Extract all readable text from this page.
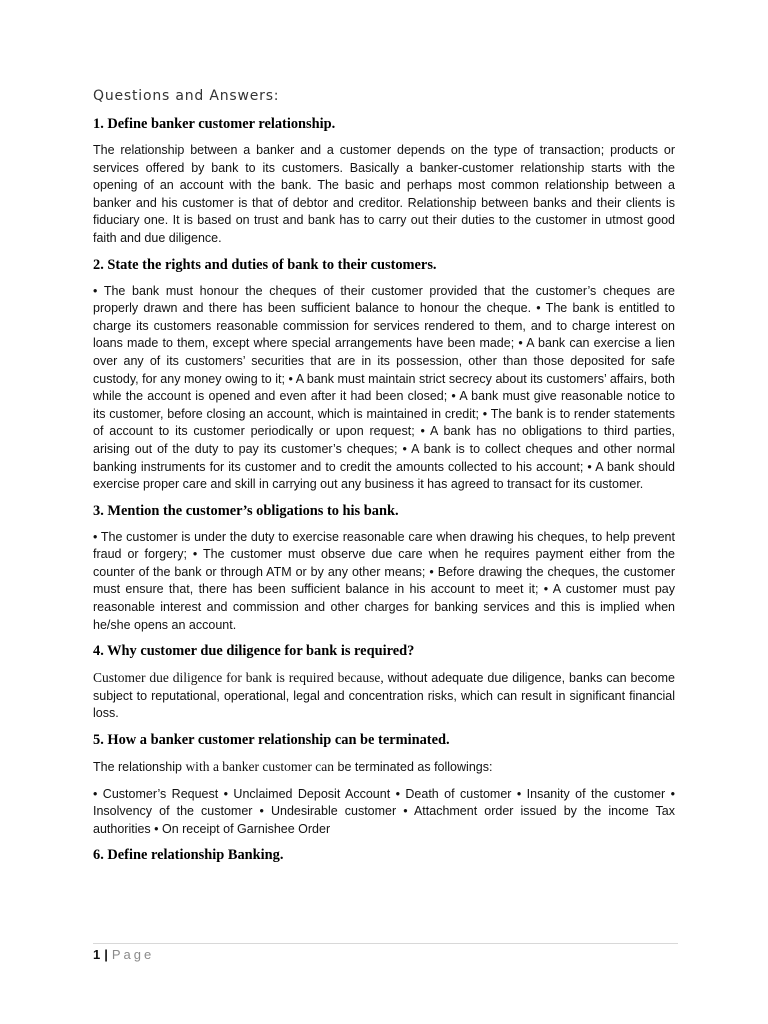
Questions and Answers:
1. Define banker customer relationship.

The relationship between a banker and a customer depends on the type of transaction; products or services offered by bank to its customers. Basically a banker-customer relationship starts with the opening of an account with the bank. The basic and perhaps most common relationship between a banker and his customer is that of debtor and creditor. Relationship between banks and their clients is fiduciary one. It is based on trust and bank has to carry out their duties to the customer in utmost good faith and due diligence.

2. State the rights and duties of bank to their customers.

• The bank must honour the cheques of their customer provided that the customer’s cheques are properly drawn and there has been sufficient balance to honour the cheque. • The bank is entitled to charge its customers reasonable commission for services rendered to them, and to charge interest on loans made to them, except where special arrangements have been made; • A bank can exercise a lien over any of its customers’ securities that are in its possession, other than those deposited for safe custody, for any money owing to it; • A bank must maintain strict secrecy about its customers’ affairs, both while the account is opened and even after it had been closed; • A bank must give reasonable notice to its customer, before closing an account, which is maintained in credit; • The bank is to render statements of account to its customer periodically or upon request; • A bank has no obligations to third parties, arising out of the duty to pay its customer’s cheques; • A bank is to collect cheques and other normal banking instruments for its customer and to credit the amounts collected to his account; • A bank should exercise proper care and skill in carrying out any business it has agreed to transact for its customer.

3. Mention the customer’s obligations to his bank.

• The customer is under the duty to exercise reasonable care when drawing his cheques, to help prevent fraud or forgery; • The customer must observe due care when he requires payment either from the counter of the bank or through ATM or by any other means; • Before drawing the cheques, the customer must ensure that, there has been sufficient balance in his account to meet it; • A customer must pay reasonable interest and commission and other charges for banking services and this is implied when he/she opens an account.

4. Why customer due diligence for bank is required?

Customer due diligence for bank is required because, without adequate due diligence, banks can become subject to reputational, operational, legal and concentration risks, which can result in significant financial loss.

5. How a banker customer relationship can be terminated.

The relationship with a banker customer can be terminated as followings:

• Customer’s Request • Unclaimed Deposit Account • Death of customer • Insanity of the customer • Insolvency of the customer • Undesirable customer • Attachment order issued by the income Tax authorities • On receipt of Garnishee Order

6. Define relationship Banking.
1 | Page
